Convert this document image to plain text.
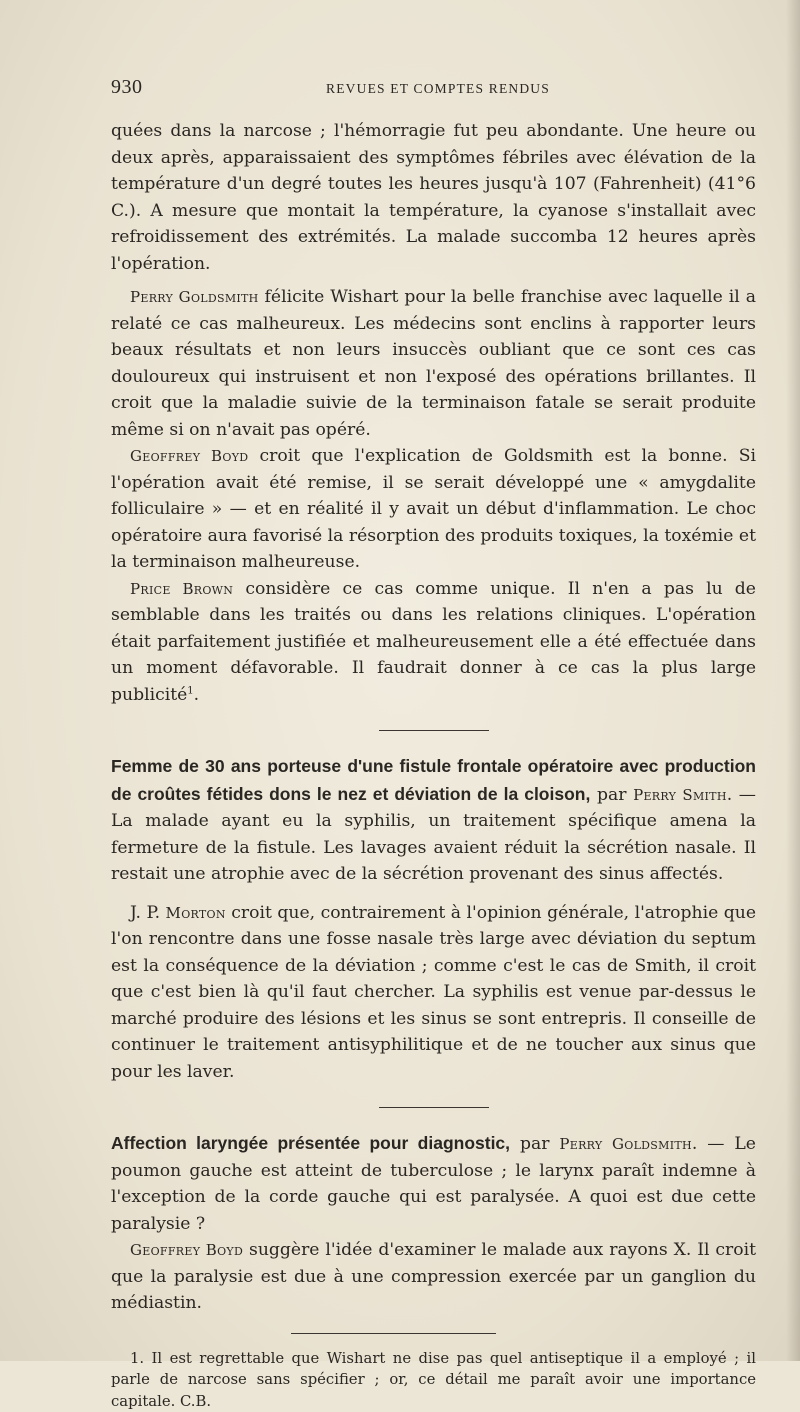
930	REVUES ET COMPTES RENDUS

quées dans la narcose ; l'hémorragie fut peu abondante. Une heure ou deux après, apparaissaient des symptômes fébriles avec élévation de la température d'un degré toutes les heures jusqu'à 107 (Fahrenheit) (41°6 C.). A mesure que montait la température, la cyanose s'installait avec refroidissement des extrémités. La malade succomba 12 heures après l'opération.

Perry Goldsmith félicite Wishart pour la belle franchise avec laquelle il a relaté ce cas malheureux. Les médecins sont enclins à rapporter leurs beaux résultats et non leurs insuccès oubliant que ce sont ces cas douloureux qui instruisent et non l'exposé des opérations brillantes. Il croit que la maladie suivie de la terminaison fatale se serait produite même si on n'avait pas opéré.

Geoffrey Boyd croit que l'explication de Goldsmith est la bonne. Si l'opération avait été remise, il se serait développé une « amygdalite folliculaire » — et en réalité il y avait un début d'inflammation. Le choc opératoire aura favorisé la résorption des produits toxiques, la toxémie et la terminaison malheureuse.

Price Brown considère ce cas comme unique. Il n'en a pas lu de semblable dans les traités ou dans les relations cliniques. L'opération était parfaitement justifiée et malheureusement elle a été effectuée dans un moment défavorable. Il faudrait donner à ce cas la plus large publicité$^1$.

Femme de 30 ans porteuse d'une fistule frontale opératoire avec production de croûtes fétides dons le nez et déviation de la cloison, par Perry Smith. — La malade ayant eu la syphilis, un traitement spécifique amena la fermeture de la fistule. Les lavages avaient réduit la sécrétion nasale. Il restait une atrophie avec de la sécrétion provenant des sinus affectés.

J. P. Morton croit que, contrairement à l'opinion générale, l'atrophie que l'on rencontre dans une fosse nasale très large avec déviation du septum est la conséquence de la déviation ; comme c'est le cas de Smith, il croit que c'est bien là qu'il faut chercher. La syphilis est venue par-dessus le marché produire des lésions et les sinus se sont entrepris. Il conseille de continuer le traitement antisyphilitique et de ne toucher aux sinus que pour les laver.

Affection laryngée présentée pour diagnostic, par Perry Goldsmith. — Le poumon gauche est atteint de tuberculose ; le larynx paraît indemne à l'exception de la corde gauche qui est paralysée. A quoi est due cette paralysie ?

Geoffrey Boyd suggère l'idée d'examiner le malade aux rayons X. Il croit que la paralysie est due à une compression exercée par un ganglion du médiastin.

1. Il est regrettable que Wishart ne dise pas quel antiseptique il a employé ; il parle de narcose sans spécifier ; or, ce détail me paraît avoir une importance capitale. C.B.
